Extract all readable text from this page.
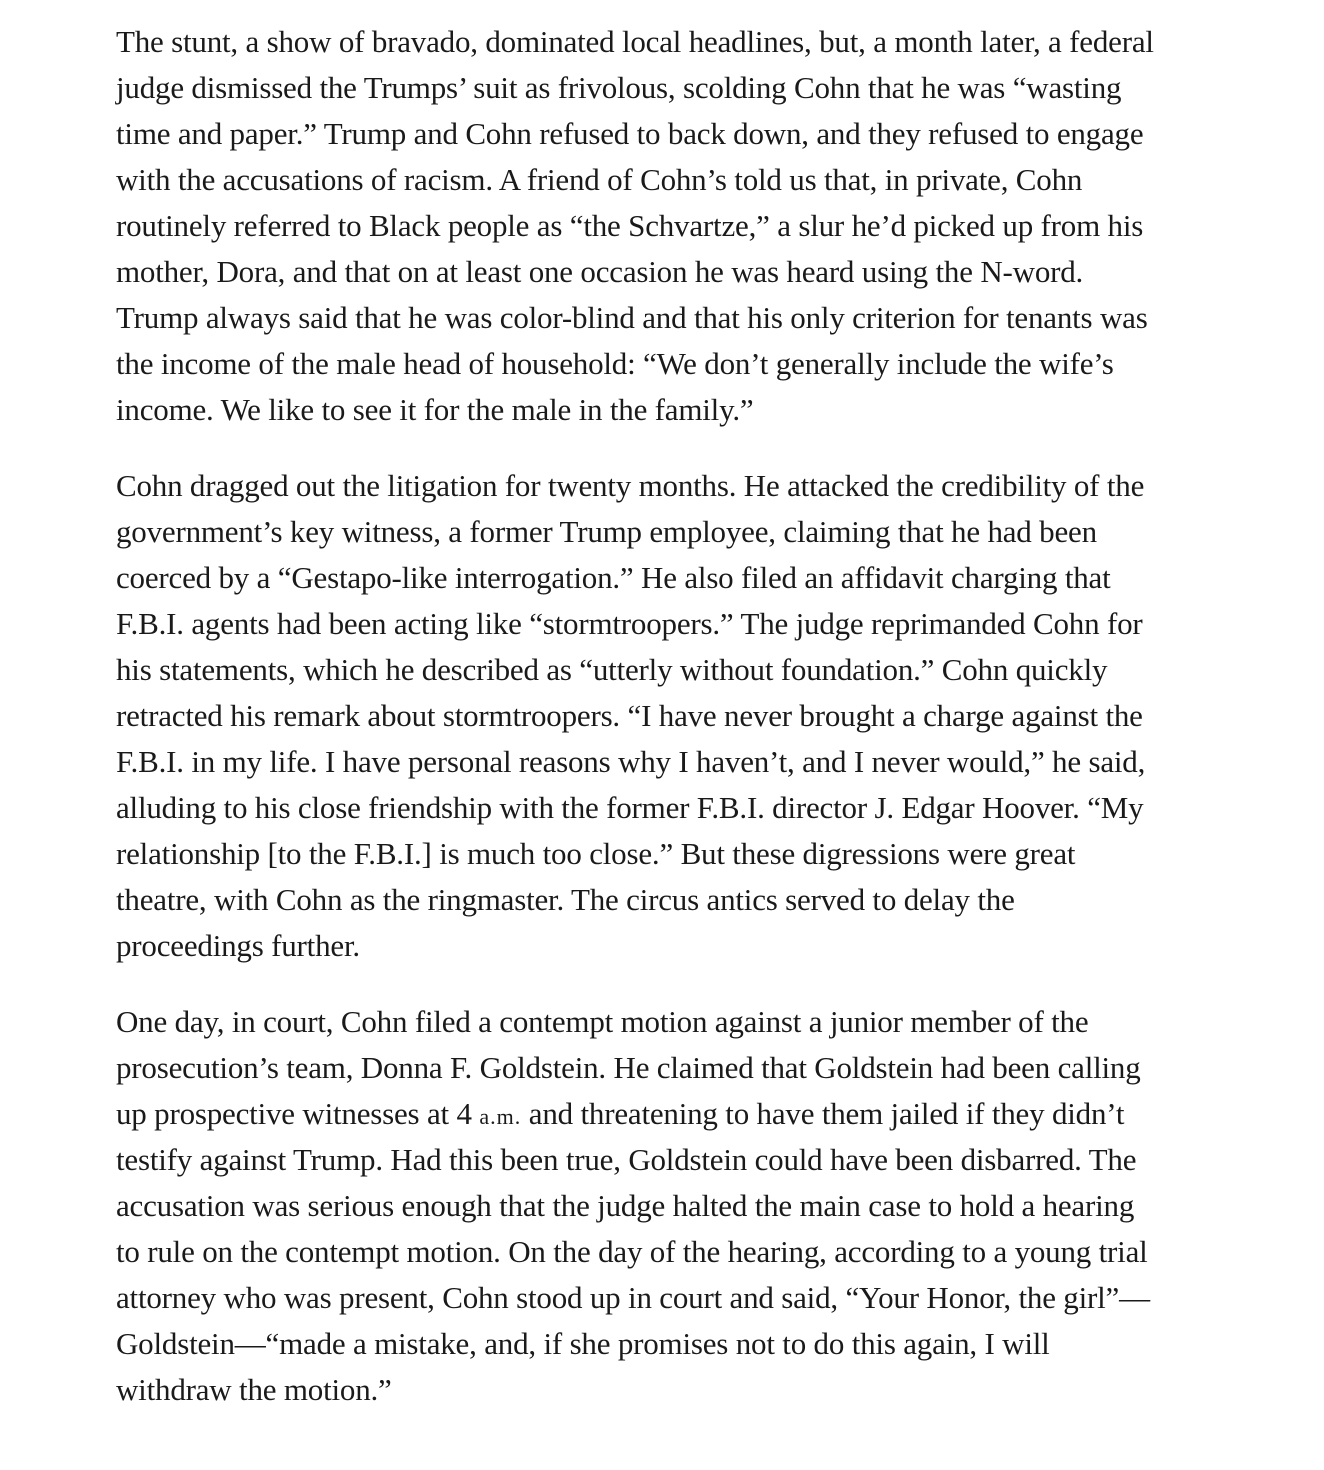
The stunt, a show of bravado, dominated local headlines, but, a month later, a federal
judge dismissed the Trumps’ suit as frivolous, scolding Cohn that he was “wasting
time and paper.” Trump and Cohn refused to back down, and they refused to engage
with the accusations of racism. A friend of Cohn’s told us that, in private, Cohn
routinely referred to Black people as “the Schvartze,” a slur he’d picked up from his
mother, Dora, and that on at least one occasion he was heard using the N-word.
Trump always said that he was color-blind and that his only criterion for tenants was
the income of the male head of household: “We don’t generally include the wife’s
income. We like to see it for the male in the family.”

Cohn dragged out the litigation for twenty months. He attacked the credibility of the
government’s key witness, a former Trump employee, claiming that he had been
coerced by a “Gestapo-like interrogation.” He also filed an affidavit charging that
F.B.I. agents had been acting like “stormtroopers.” The judge reprimanded Cohn for
his statements, which he described as “utterly without foundation.” Cohn quickly
retracted his remark about stormtroopers. “I have never brought a charge against the
F.B.I. in my life. I have personal reasons why I haven’t, and I never would,” he said,
alluding to his close friendship with the former F.B.I. director J. Edgar Hoover. “My
relationship [to the F.B.I.] is much too close.” But these digressions were great
theatre, with Cohn as the ringmaster. The circus antics served to delay the
proceedings further.

One day, in court, Cohn filed a contempt motion against a junior member of the
prosecution’s team, Donna F. Goldstein. He claimed that Goldstein had been calling
up prospective witnesses at 4 a.m. and threatening to have them jailed if they didn’t
testify against Trump. Had this been true, Goldstein could have been disbarred. The
accusation was serious enough that the judge halted the main case to hold a hearing
to rule on the contempt motion. On the day of the hearing, according to a young trial
attorney who was present, Cohn stood up in court and said, “Your Honor, the girl”—
Goldstein—“made a mistake, and, if she promises not to do this again, I will
withdraw the motion.”
